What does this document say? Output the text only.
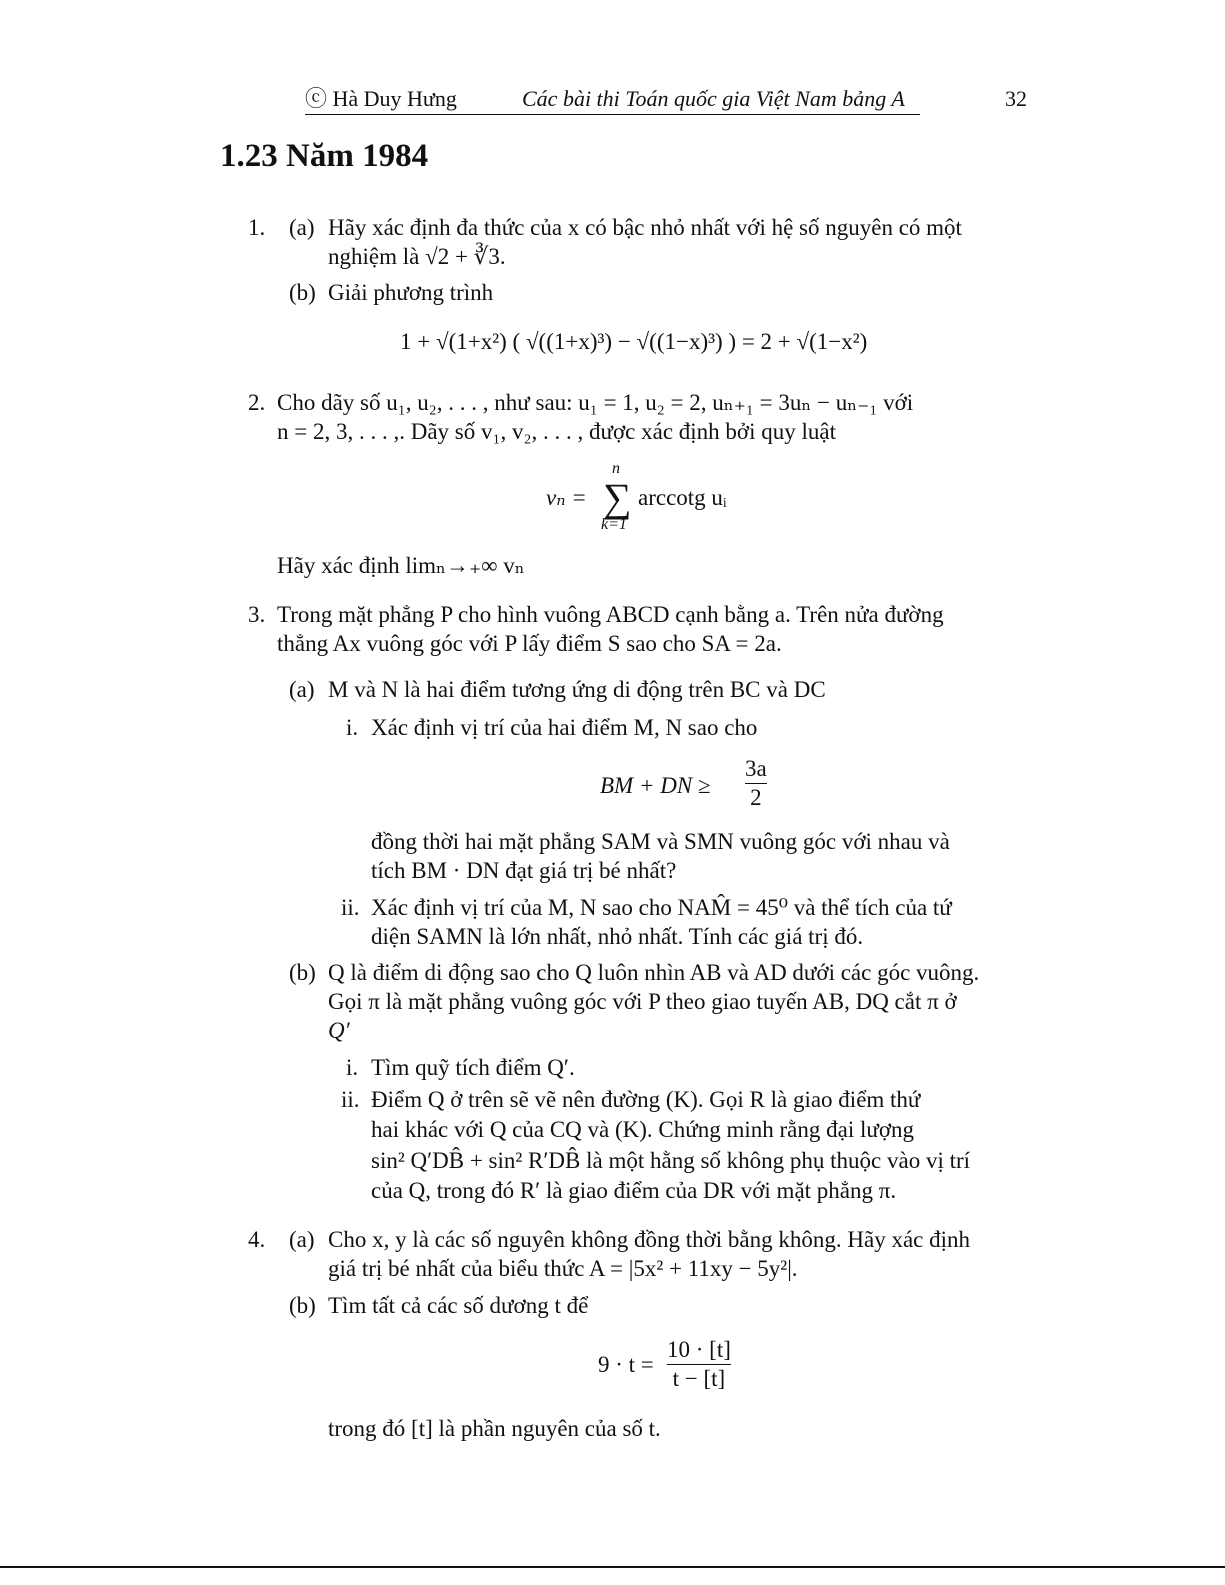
ⓒ Hà Duy Hưng	Các bài thi Toán quốc gia Việt Nam bảng A	32
1.23 Năm 1984
1. (a) Hãy xác định đa thức của x có bậc nhỏ nhất với hệ số nguyên có một
nghiệm là √2 + ∛3.
(b) Giải phương trình
1 + √(1+x²) ( √((1+x)³) − √((1−x)³) ) = 2 + √(1−x²)
2. Cho dãy số u₁, u₂, . . . , như sau: u₁ = 1, u₂ = 2, uₙ₊₁ = 3uₙ − uₙ₋₁ với
n = 2, 3, . . . ,. Dãy số v₁, v₂, . . . , được xác định bởi quy luật
n
vₙ = ∑ arccotg uᵢ
k=1
Hãy xác định limₙ→₊∞ vₙ
3. Trong mặt phẳng P cho hình vuông ABCD cạnh bằng a. Trên nửa đường
thẳng Ax vuông góc với P lấy điểm S sao cho SA = 2a.
(a) M và N là hai điểm tương ứng di động trên BC và DC
i. Xác định vị trí của hai điểm M, N sao cho
BM + DN ≥
3a
2
đồng thời hai mặt phẳng SAM và SMN vuông góc với nhau và
tích BM · DN đạt giá trị bé nhất?
ii. Xác định vị trí của M, N sao cho NAM̂ = 45⁰ và thể tích của tứ
diện SAMN là lớn nhất, nhỏ nhất. Tính các giá trị đó.
(b) Q là điểm di động sao cho Q luôn nhìn AB và AD dưới các góc vuông.
Gọi π là mặt phẳng vuông góc với P theo giao tuyến AB, DQ cắt π ở
Q′
i. Tìm quỹ tích điểm Q′.
ii. Điểm Q ở trên sẽ vẽ nên đường (K). Gọi R là giao điểm thứ
hai khác với Q của CQ và (K). Chứng minh rằng đại lượng
sin² Q′DB̂ + sin² R′DB̂ là một hằng số không phụ thuộc vào vị trí
của Q, trong đó R′ là giao điểm của DR với mặt phẳng π.
4. (a) Cho x, y là các số nguyên không đồng thời bằng không. Hãy xác định
giá trị bé nhất của biểu thức A = |5x² + 11xy − 5y²|.
(b) Tìm tất cả các số dương t để
9 · t =
10 · [t]
t − [t]
trong đó [t] là phần nguyên của số t.
